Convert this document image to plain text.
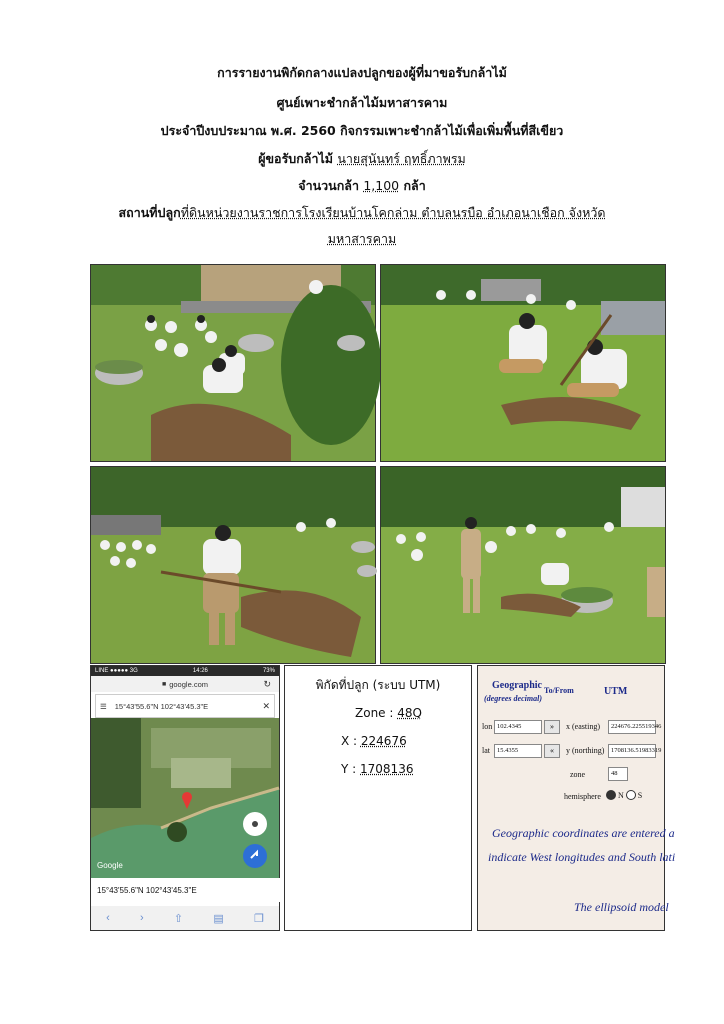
การรายงานพิกัดกลางแปลงปลูกของผู้ที่มาขอรับกล้าไม้
ศูนย์เพาะชำกล้าไม้มหาสารคาม
ประจำปีงบประมาณ พ.ศ. 2560 กิจกรรมเพาะชำกล้าไม้เพื่อเพิ่มพื้นที่สีเขียว
ผู้ขอรับกล้าไม้ นายสุนันทร์ ฤทธิ์ภาพรม
จำนวนกล้า 1,100 กล้า
สถานที่ปลูกที่ดินหน่วยงานราชการโรงเรียนบ้านโคกล่าม ตำบลนรบือ อำเภอนาเชือก จังหวัด
มหาสารคาม
LINE ●●●●● 3G	14:26	73%
■ google.com	↻
☰ 15°43'55.6"N 102°43'45.3"E	✕
Google
15°43'55.6"N 102°43'45.3"E
‹	›	⇧	▤	❐
พิกัดที่ปลูก (ระบบ UTM)
Zone : 48Q
X : 224676
Y : 1708136
Geographic
(degrees decimal)
To/From	UTM
lon 102.4345	»	x (easting)	224676.225519346
lat	15.4355	«	y (northing)	1708136.51983319
zone	48
hemisphere N S
Geographic coordinates are entered a
indicate West longitudes and South lati
The ellipsoid model
